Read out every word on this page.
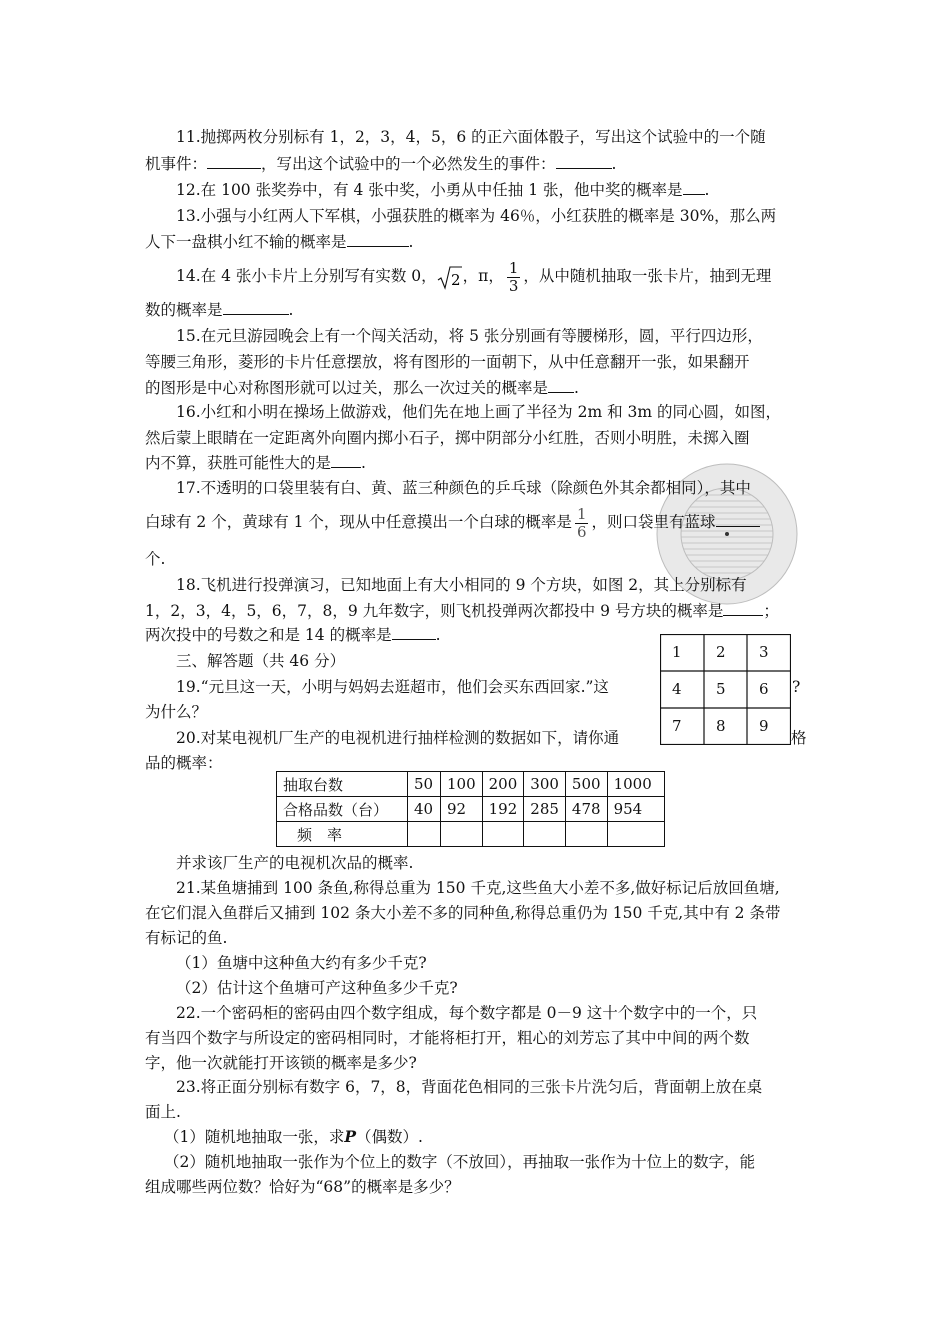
11.抛掷两枚分别标有 1，2，3，4，5，6 的正六面体骰子，写出这个试验中的一个随
机事件：	，写出这个试验中的一个必然发生的事件：	.
12.在 100 张奖券中，有 4 张中奖，小勇从中任抽 1 张，他中奖的概率是 .
13.小强与小红两人下军棋，小强获胜的概率为 46％，小红获胜的概率是 30%，那么两
人下一盘棋小红不输的概率是	.
14.在 4 张小卡片上分别写有实数 0， 2 ，π， $\frac{1}{3}$ ，从中随机抽取一张卡片，抽到无理
数的概率是	.
15.在元旦游园晚会上有一个闯关活动，将 5 张分别画有等腰梯形，圆，平行四边形，
等腰三角形，菱形的卡片任意摆放，将有图形的一面朝下，从中任意翻开一张，如果翻开
的图形是中心对称图形就可以过关，那么一次过关的概率是 .
16.小红和小明在操场上做游戏，他们先在地上画了半径为 2m 和 3m 的同心圆，如图，
然后蒙上眼睛在一定距离外向圈内掷小石子，掷中阴部分小红胜，否则小明胜，未掷入圈
内不算，获胜可能性大的是 .
17.不透明的口袋里装有白、黄、蓝三种颜色的乒乓球（除颜色外其余都相同），其中
白球有 2 个，黄球有 1 个，现从中任意摸出一个白球的概率是 $\frac{1}{6}$ ，则口袋里有蓝球
个.
18.飞机进行投弹演习，已知地面上有大小相同的 9 个方块，如图 2，其上分别标有
1，2，3，4，5，6，7，8，9 九年数字，则飞机投弹两次都投中 9 号方块的概率是	；
两次投中的号数之和是 14 的概率是	.
三、解答题（共 46 分）
19.“元旦这一天，小明与妈妈去逛超市，他们会买东西回家.”这	?
为什么？
20.对某电视机厂生产的电视机进行抽样检测的数据如下，请你通	格
品的概率：
1	2	3
4	5	6
7	8	9
抽取台数	50	100	200	300	500	1000
合格品数（台）	40	92	192	285	478	954
频　率						
并求该厂生产的电视机次品的概率.
21.某鱼塘捕到 100 条鱼,称得总重为 150 千克,这些鱼大小差不多,做好标记后放回鱼塘,
在它们混入鱼群后又捕到 102 条大小差不多的同种鱼,称得总重仍为 150 千克,其中有 2 条带
有标记的鱼.
（1）鱼塘中这种鱼大约有多少千克?
（2）估计这个鱼塘可产这种鱼多少千克?
22.一个密码柜的密码由四个数字组成，每个数字都是 0－9 这十个数字中的一个，只
有当四个数字与所设定的密码相同时，才能将柜打开，粗心的刘芳忘了其中中间的两个数
字，他一次就能打开该锁的概率是多少?
23.将正面分别标有数字 6，7，8，背面花色相同的三张卡片洗匀后，背面朝上放在桌
面上.
（1）随机地抽取一张，求P（偶数）.
（2）随机地抽取一张作为个位上的数字（不放回），再抽取一张作为十位上的数字，能
组成哪些两位数？恰好为“68”的概率是多少？
